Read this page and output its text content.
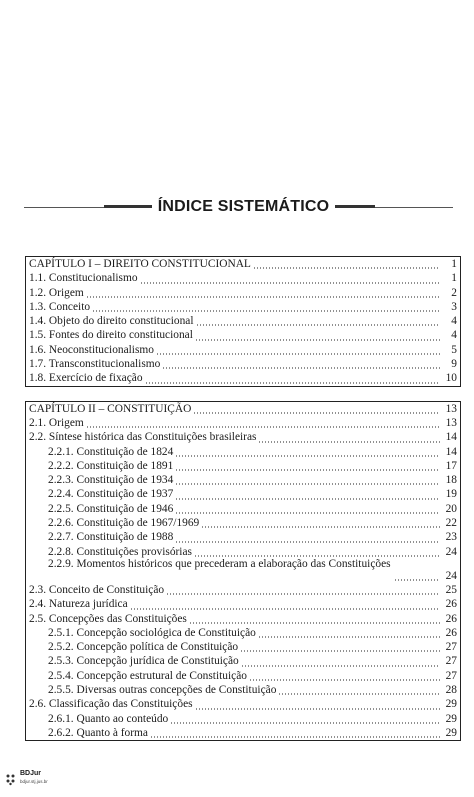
ÍNDICE SISTEMÁTICO
CAPÍTULO I – DIREITO CONSTITUCIONAL	1
1.1. Constitucionalismo	1
1.2. Origem	2
1.3. Conceito	3
1.4. Objeto do direito constitucional	4
1.5. Fontes do direito constitucional	4
1.6. Neoconstitucionalismo	5
1.7. Transconstitucionalismo	9
1.8. Exercício de fixação	10
CAPÍTULO II – CONSTITUIÇÃO	13
2.1. Origem	13
2.2. Síntese histórica das Constituições brasileiras	14
2.2.1. Constituição de 1824	14
2.2.2. Constituição de 1891	17
2.2.3. Constituição de 1934	18
2.2.4. Constituição de 1937	19
2.2.5. Constituição de 1946	20
2.2.6. Constituição de 1967/1969	22
2.2.7. Constituição de 1988	23
2.2.8. Constituições provisórias	24
2.2.9. Momentos históricos que precederam a elaboração das Constituições
24
2.3. Conceito de Constituição	25
2.4. Natureza jurídica	26
2.5. Concepções das Constituições	26
2.5.1. Concepção sociológica de Constituição	26
2.5.2. Concepção política de Constituição	27
2.5.3. Concepção jurídica de Constituição	27
2.5.4. Concepção estrutural de Constituição	27
2.5.5. Diversas outras concepções de Constituição	28
2.6. Classificação das Constituições	29
2.6.1. Quanto ao conteúdo	29
2.6.2. Quanto à forma	29
BDJur
bdjur.stj.jus.br
